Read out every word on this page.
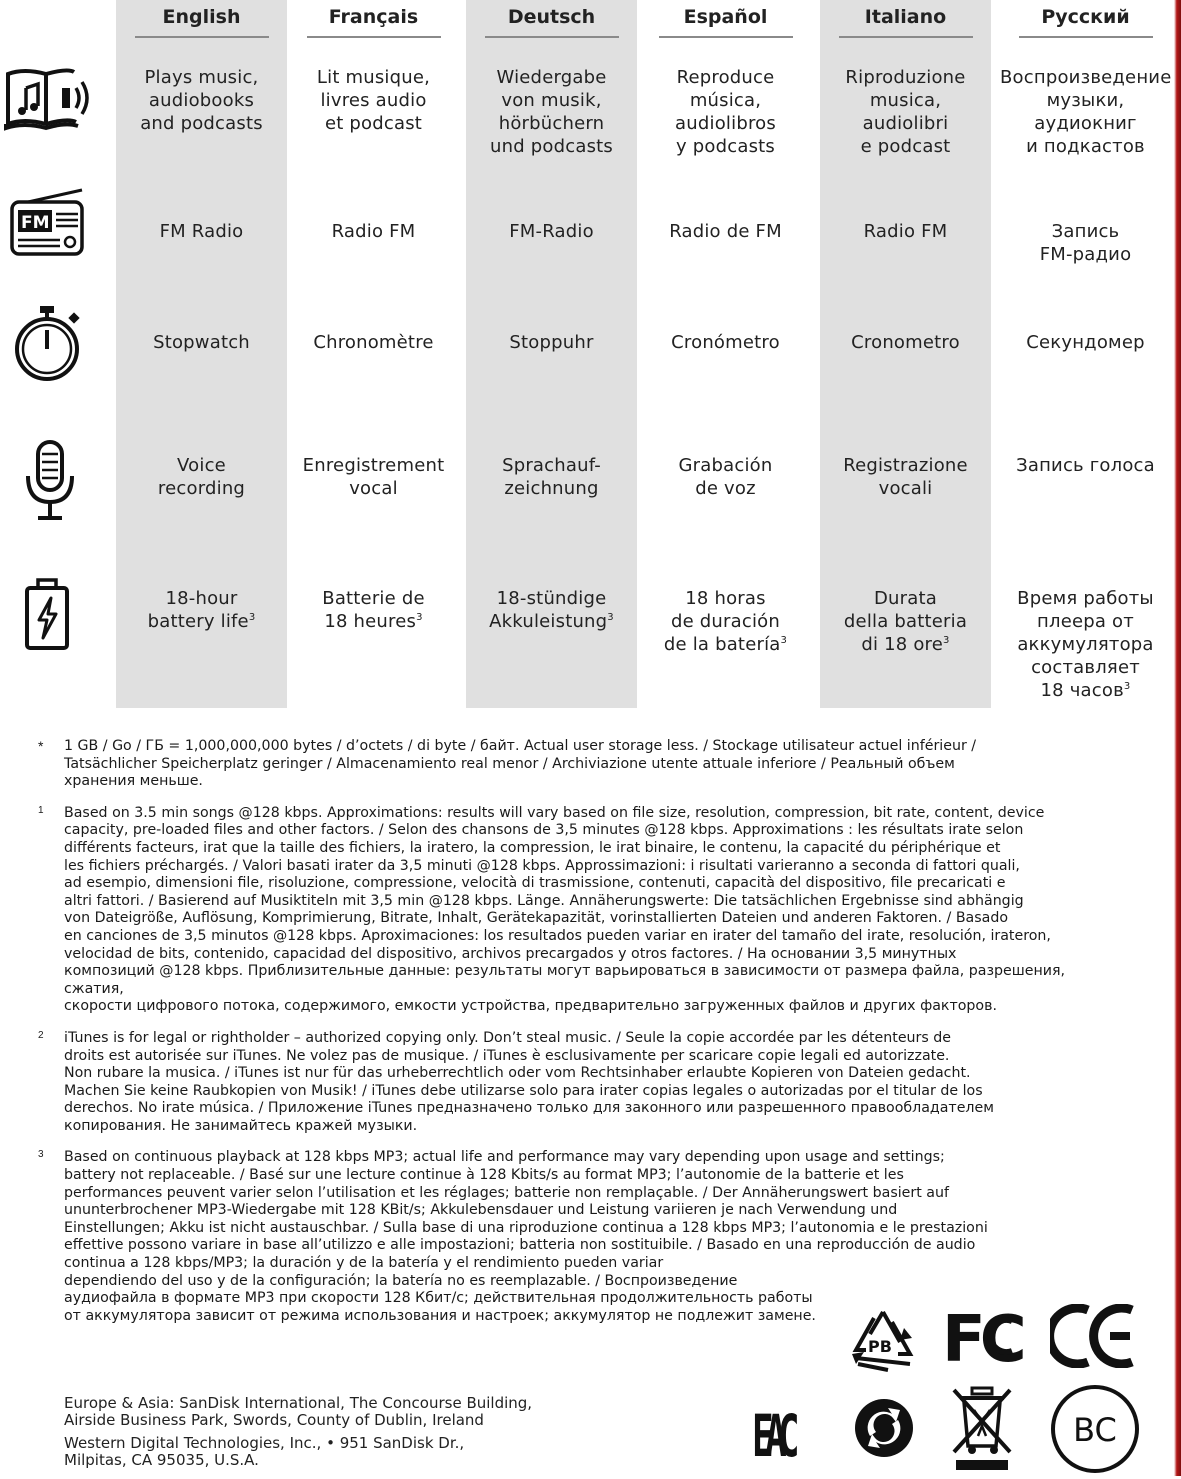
English
Plays music,
audiobooks
and podcasts
FM Radio
Stopwatch
Voice
recording
18-hour
battery life$^3$
Français
Lit musique,
livres audio
et podcast
Radio FM
Chronomètre
Enregistrement
vocal
Batterie de
18 heures$^3$
Deutsch
Wiedergabe
von musik,
hörbüchern
und podcasts
FM-Radio
Stoppuhr
Sprachauf-
zeichnung
18-stündige
Akkuleistung$^3$
Español
Reproduce
música,
audiolibros
y podcasts
Radio de FM
Cronómetro
Grabación
de voz
18 horas
de duración
de la batería$^3$
Italiano
Riproduzione
musica,
audiolibri
e podcast
Radio FM
Cronometro
Registrazione
vocali
Durata
della batteria
di 18 ore$^3$
Русский
Воспроизведение
музыки,
аудиокниг
и подкастов
Запись
FM-радио
Секундомер
Запись голоса
Время работы
плеера от
аккумулятора
составляет
18 часов$^3$
FM
* 1 GB / Go / ГБ = 1,000,000,000 bytes / d’octets / di byte / байт. Actual user storage less. / Stockage utilisateur actuel inférieur /
Tatsächlicher Speicherplatz geringer / Almacenamiento real menor / Archiviazione utente attuale inferiore / Реальный объем
хранения меньше.
1 Based on 3.5 min songs @128 kbps. Approximations: results will vary based on file size, resolution, compression, bit rate, content, device
capacity, pre-loaded files and other factors. / Selon des chansons de 3,5 minutes @128 kbps. Approximations : les résultats irate selon
différents facteurs, irat que la taille des fichiers, la iratero, la compression, le irat binaire, le contenu, la capacité du périphérique et
les fichiers préchargés. / Valori basati irater da 3,5 minuti @128 kbps. Approssimazioni: i risultati varieranno a seconda di fattori quali,
ad esempio, dimensioni file, risoluzione, compressione, velocità di trasmissione, contenuti, capacità del dispositivo, file precaricati e
altri fattori. / Basierend auf Musiktiteln mit 3,5 min @128 kbps. Länge. Annäherungswerte: Die tatsächlichen Ergebnisse sind abhängig
von Dateigröße, Auflösung, Komprimierung, Bitrate, Inhalt, Gerätekapazität, vorinstallierten Dateien und anderen Faktoren. / Basado
en canciones de 3,5 minutos @128 kbps. Aproximaciones: los resultados pueden variar en irater del tamaño del irate, resolución, irateron,
velocidad de bits, contenido, capacidad del dispositivo, archivos precargados y otros factores. / На основании 3,5 минутных
композиций @128 kbps. Приблизительные данные: результаты могут варьироваться в зависимости от размера файла, разрешения, сжатия,
скорости цифрового потока, содержимого, емкости устройства, предварительно загруженных файлов и других факторов.
2 iTunes is for legal or rightholder – authorized copying only. Don’t steal music. / Seule la copie accordée par les détenteurs de
droits est autorisée sur iTunes. Ne volez pas de musique. / iTunes è esclusivamente per scaricare copie legali ed autorizzate.
Non rubare la musica. / iTunes ist nur für das urheberrechtlich oder vom Rechtsinhaber erlaubte Kopieren von Dateien gedacht.
Machen Sie keine Raubkopien von Musik! / iTunes debe utilizarse solo para irater copias legales o autorizadas por el titular de los
derechos. No irate música. / Приложение iTunes предназначено только для законного или разрешенного правообладателем
копирования. Не занимайтесь кражей музыки.
3 Based on continuous playback at 128 kbps MP3; actual life and performance may vary depending upon usage and settings;
battery not replaceable. / Basé sur une lecture continue à 128 Kbits/s au format MP3; l’autonomie de la batterie et les
performances peuvent varier selon l’utilisation et les réglages; batterie non remplaçable. / Der Annäherungswert basiert auf
ununterbrochener MP3-Wiedergabe mit 128 KBit/s; Akkulebensdauer und Leistung variieren je nach Verwendung und
Einstellungen; Akku ist nicht austauschbar. / Sulla base di una riproduzione continua a 128 kbps MP3; l’autonomia e le prestazioni
effettive possono variare in base all’utilizzo e alle impostazioni; batteria non sostituibile. / Basado en una reproducción de audio
continua a 128 kbps/MP3; la duración y de la batería y el rendimiento pueden variar
dependiendo del uso y de la configuración; la batería no es reemplazable. / Воспроизведение
аудиофайла в формате MP3 при скорости 128 Кбит/с; действительная продолжительность работы
от аккумулятора зависит от режима использования и настроек; аккумулятор не подлежит замене.
Europe & Asia: SanDisk International, The Concourse Building,
Airside Business Park, Swords, County of Dublin, Ireland
Western Digital Technologies, Inc., • 951 SanDisk Dr.,
Milpitas, CA 95035, U.S.A.
PB FC	CE
EAC	BC
